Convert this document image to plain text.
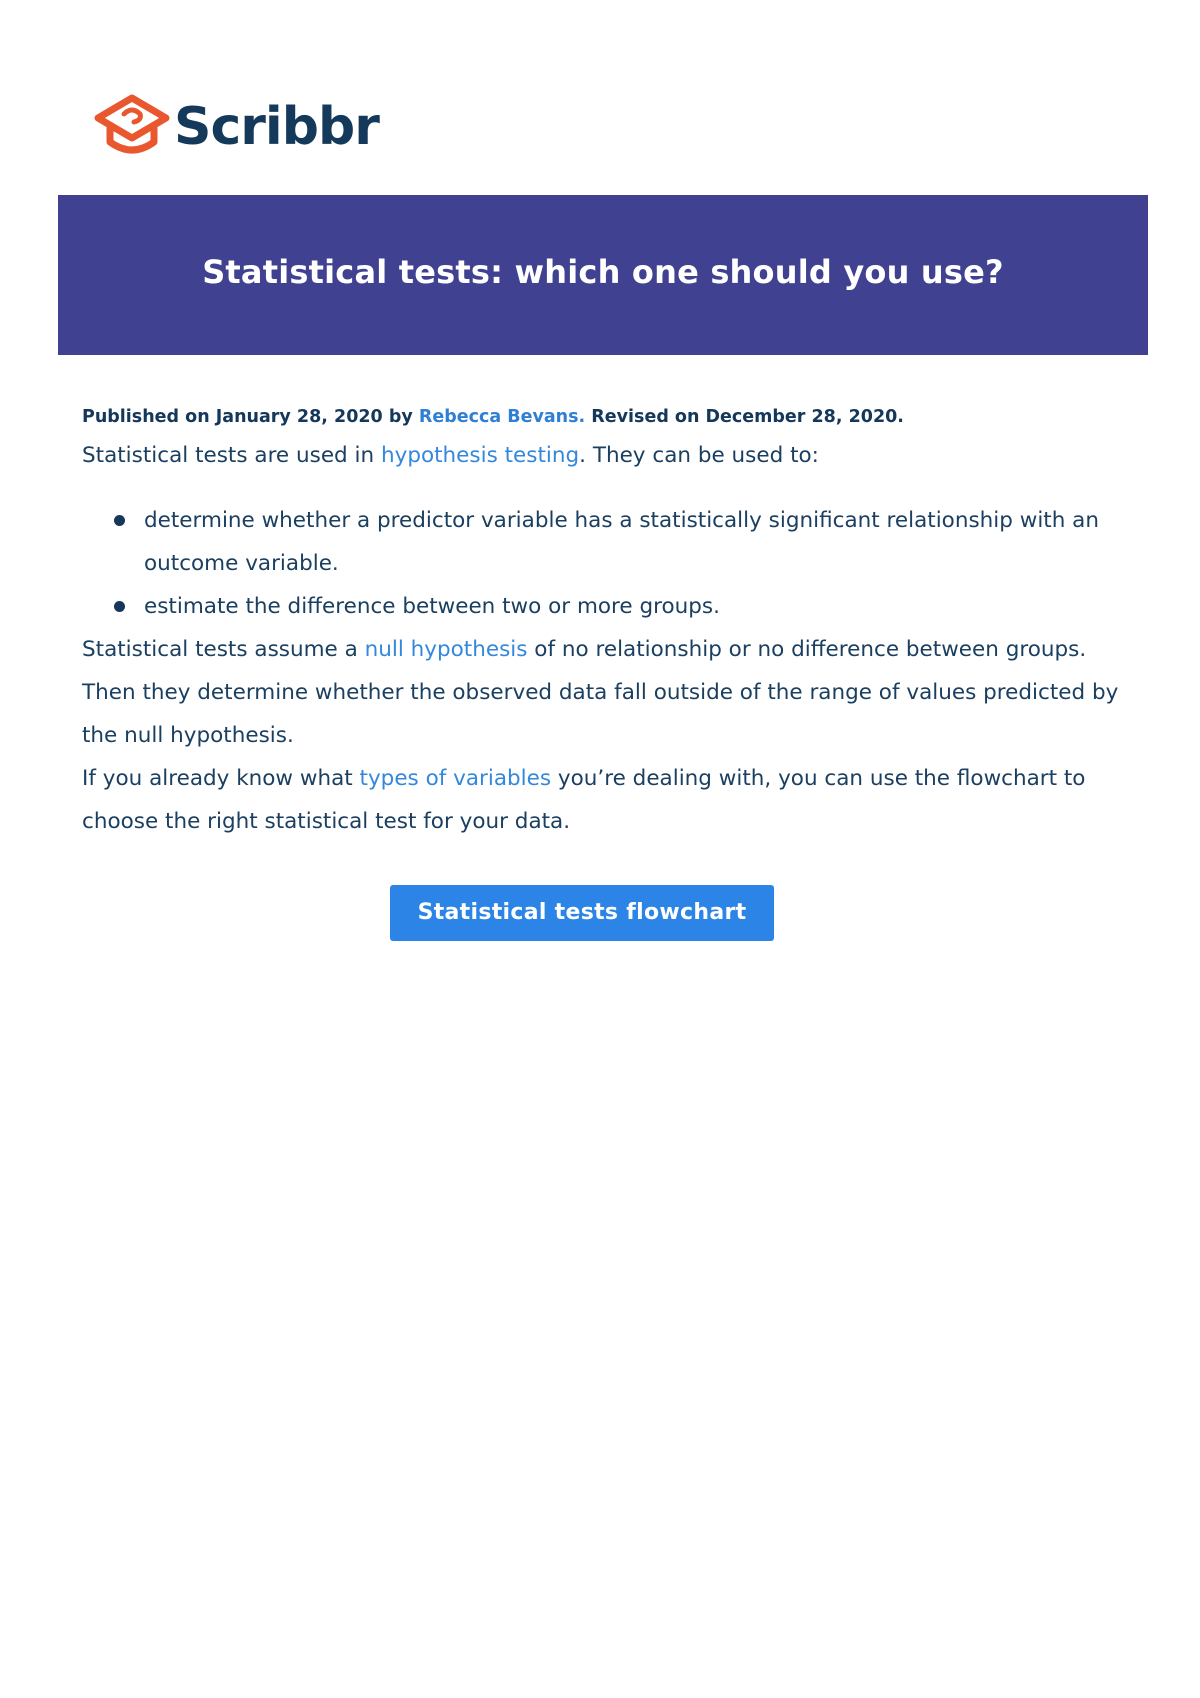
Scribbr
Statistical tests: which one should you use?

Published on January 28, 2020 by Rebecca Bevans. Revised on December 28, 2020.

Statistical tests are used in hypothesis testing. They can be used to:

determine whether a predictor variable has a statistically significant relationship with an outcome variable.
estimate the difference between two or more groups.

Statistical tests assume a null hypothesis of no relationship or no difference between groups. Then they determine whether the observed data fall outside of the range of values predicted by the null hypothesis.

If you already know what types of variables you’re dealing with, you can use the flowchart to choose the right statistical test for your data.

Statistical tests flowchart
